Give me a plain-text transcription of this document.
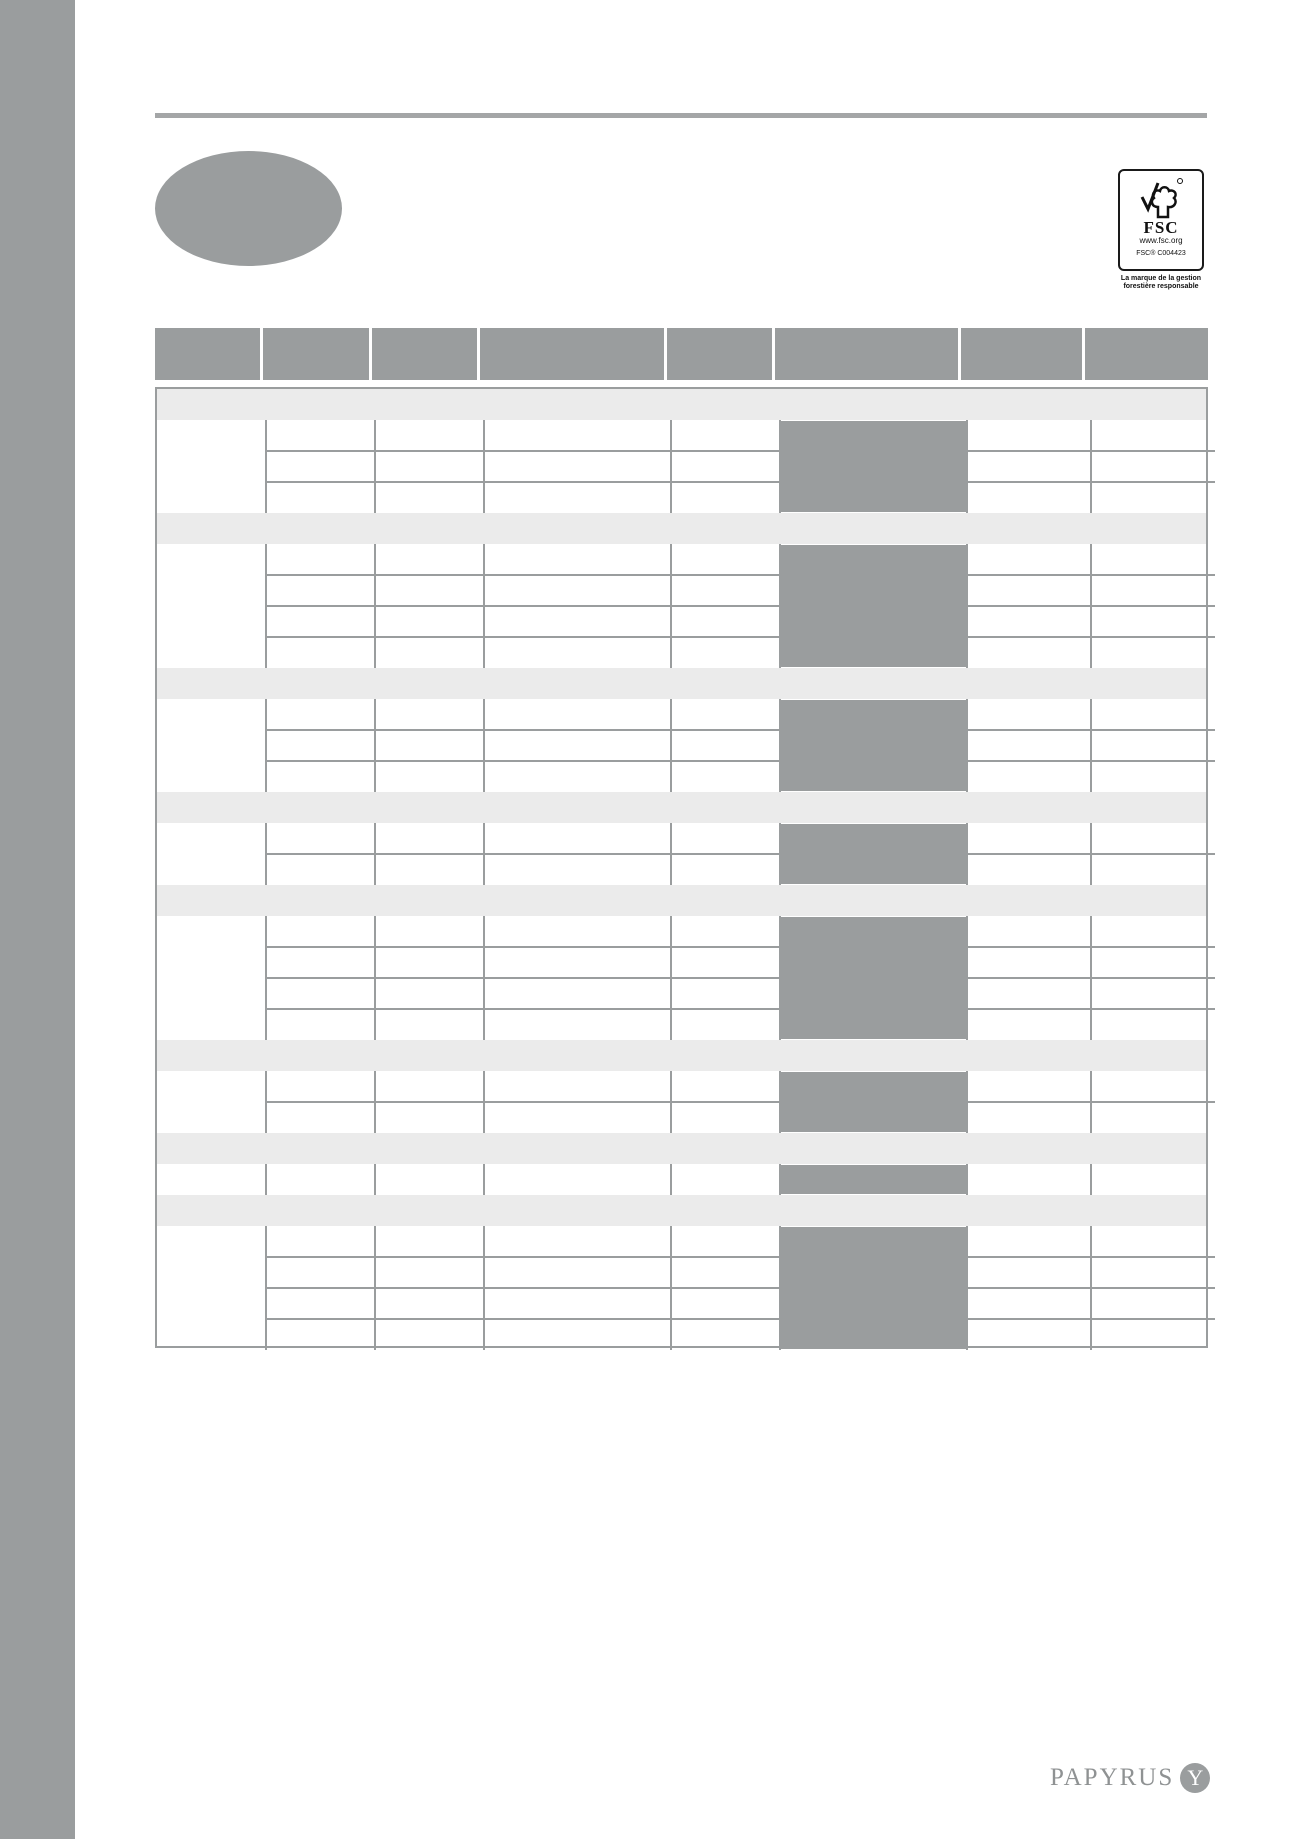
FSC
www.fsc.org
FSC® C004423
La marque de la gestion forestière responsable
PAPYRUS Y
